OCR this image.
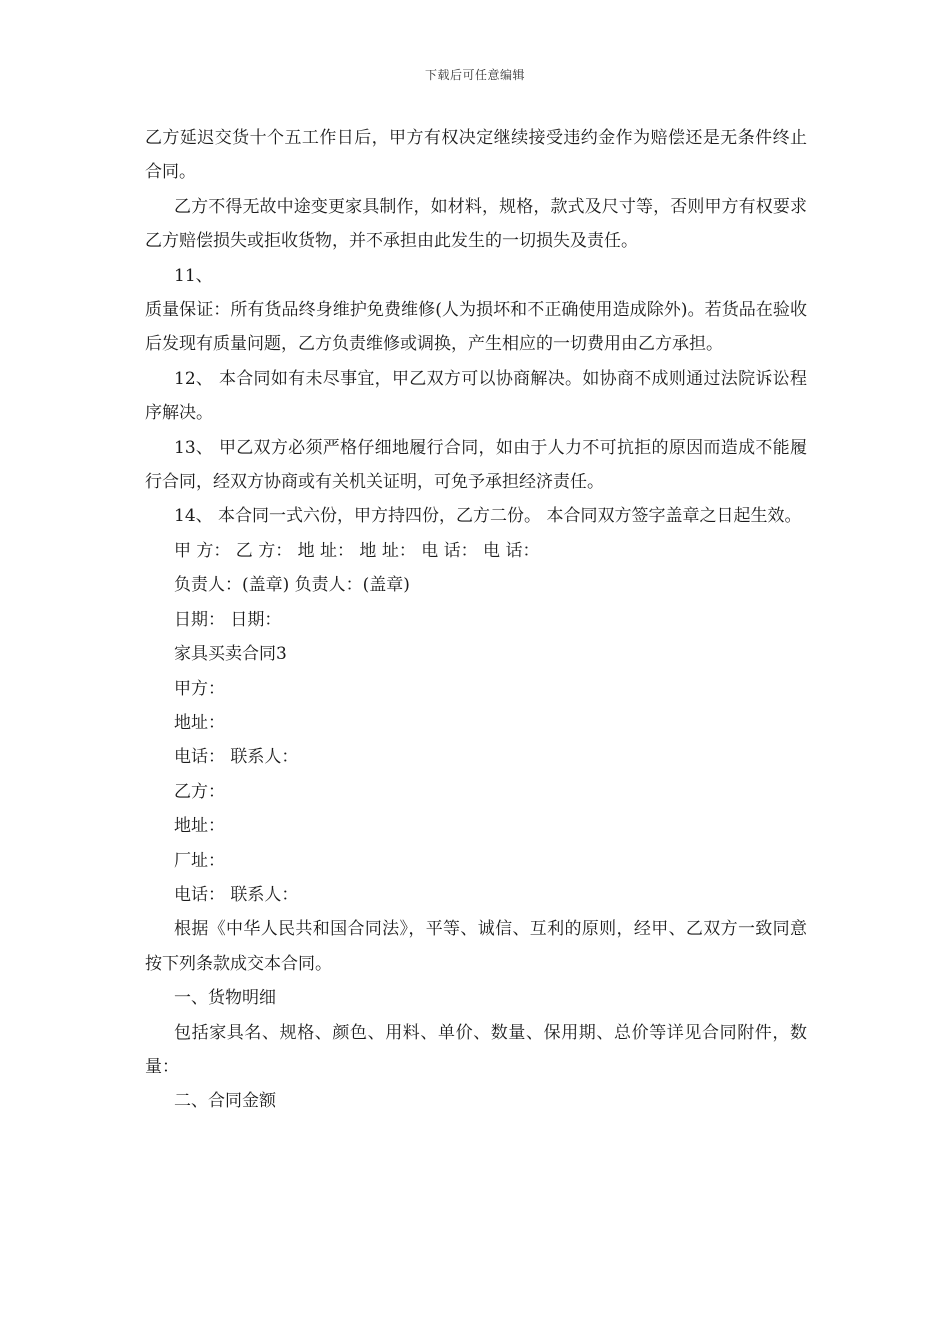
下载后可任意编辑

乙方延迟交货十个五工作日后，甲方有权决定继续接受违约金作为赔偿还是无条件终止合同。

乙方不得无故中途变更家具制作，如材料，规格，款式及尺寸等，否则甲方有权要求乙方赔偿损失或拒收货物，并不承担由此发生的一切损失及责任。

11、

质量保证：所有货品终身维护免费维修(人为损坏和不正确使用造成除外)。若货品在验收后发现有质量问题，乙方负责维修或调换，产生相应的一切费用由乙方承担。

12、 本合同如有未尽事宜，甲乙双方可以协商解决。如协商不成则通过法院诉讼程序解决。

13、 甲乙双方必须严格仔细地履行合同，如由于人力不可抗拒的原因而造成不能履行合同，经双方协商或有关机关证明，可免予承担经济责任。

14、 本合同一式六份，甲方持四份，乙方二份。 本合同双方签字盖章之日起生效。

甲 方： 乙 方： 地 址： 地 址： 电 话： 电 话：

负责人：(盖章) 负责人：(盖章)

日期： 日期：

家具买卖合同3

甲方：

地址：

电话： 联系人：

乙方：

地址：

厂址：

电话： 联系人：

根据《中华人民共和国合同法》，平等、诚信、互利的原则，经甲、乙双方一致同意按下列条款成交本合同。

一、货物明细

包括家具名、规格、颜色、用料、单价、数量、保用期、总价等详见合同附件，数量：

二、合同金额
